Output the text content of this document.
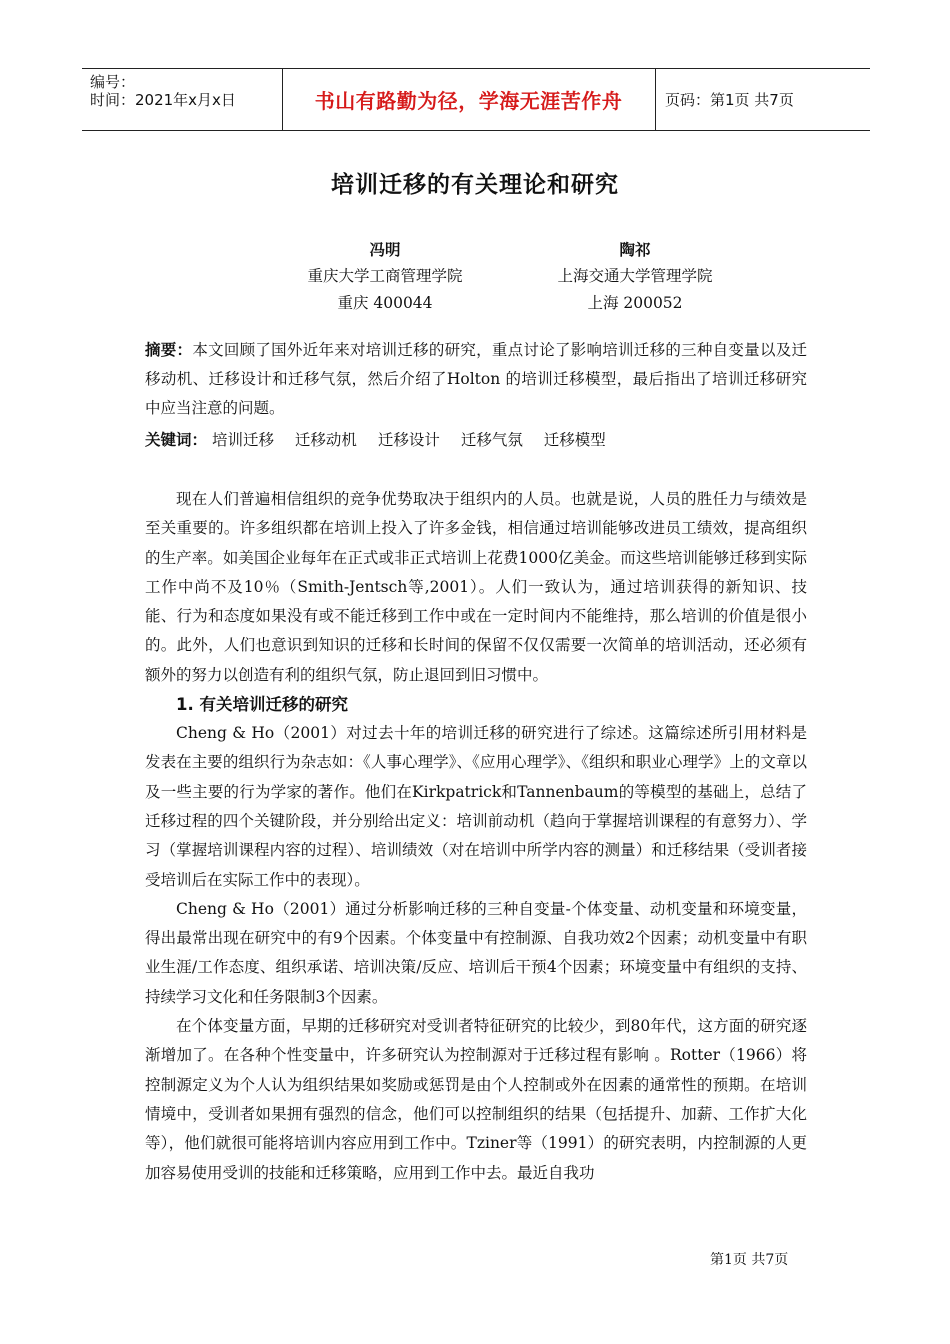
编号：
时间：2021年x月x日	书山有路勤为径，学海无涯苦作舟	页码：第1页 共7页
培训迁移的有关理论和研究
冯明
重庆大学工商管理学院
重庆 400044
陶祁
上海交通大学管理学院
上海 200052
摘要：本文回顾了国外近年来对培训迁移的研究，重点讨论了影响培训迁移的三种自变量以及迁移动机、迁移设计和迁移气氛，然后介绍了Holton 的培训迁移模型，最后指出了培训迁移研究中应当注意的问题。
关键词： 培训迁移 迁移动机 迁移设计 迁移气氛 迁移模型

现在人们普遍相信组织的竞争优势取决于组织内的人员。也就是说，人员的胜任力与绩效是至关重要的。许多组织都在培训上投入了许多金钱，相信通过培训能够改进员工绩效，提高组织的生产率。如美国企业每年在正式或非正式培训上花费1000亿美金。而这些培训能够迁移到实际工作中尚不及10％（Smith-Jentsch等,2001）。人们一致认为，通过培训获得的新知识、技能、行为和态度如果没有或不能迁移到工作中或在一定时间内不能维持，那么培训的价值是很小的。此外，人们也意识到知识的迁移和长时间的保留不仅仅需要一次简单的培训活动，还必须有额外的努力以创造有利的组织气氛，防止退回到旧习惯中。

1. 有关培训迁移的研究

Cheng & Ho（2001）对过去十年的培训迁移的研究进行了综述。这篇综述所引用材料是发表在主要的组织行为杂志如：《人事心理学》、《应用心理学》、《组织和职业心理学》上的文章以及一些主要的行为学家的著作。他们在Kirkpatrick和Tannenbaum的等模型的基础上，总结了迁移过程的四个关键阶段，并分别给出定义：培训前动机（趋向于掌握培训课程的有意努力）、学习（掌握培训课程内容的过程）、培训绩效（对在培训中所学内容的测量）和迁移结果（受训者接受培训后在实际工作中的表现）。

Cheng & Ho（2001）通过分析影响迁移的三种自变量-个体变量、动机变量和环境变量，得出最常出现在研究中的有9个因素。个体变量中有控制源、自我功效2个因素；动机变量中有职业生涯/工作态度、组织承诺、培训决策/反应、培训后干预4个因素；环境变量中有组织的支持、持续学习文化和任务限制3个因素。

在个体变量方面，早期的迁移研究对受训者特征研究的比较少，到80年代，这方面的研究逐渐增加了。在各种个性变量中，许多研究认为控制源对于迁移过程有影响 。Rotter（1966）将控制源定义为个人认为组织结果如奖励或惩罚是由个人控制或外在因素的通常性的预期。在培训情境中，受训者如果拥有强烈的信念，他们可以控制组织的结果（包括提升、加薪、工作扩大化等），他们就很可能将培训内容应用到工作中。Tziner等（1991）的研究表明，内控制源的人更加容易使用受训的技能和迁移策略，应用到工作中去。最近自我功

第1页 共7页
